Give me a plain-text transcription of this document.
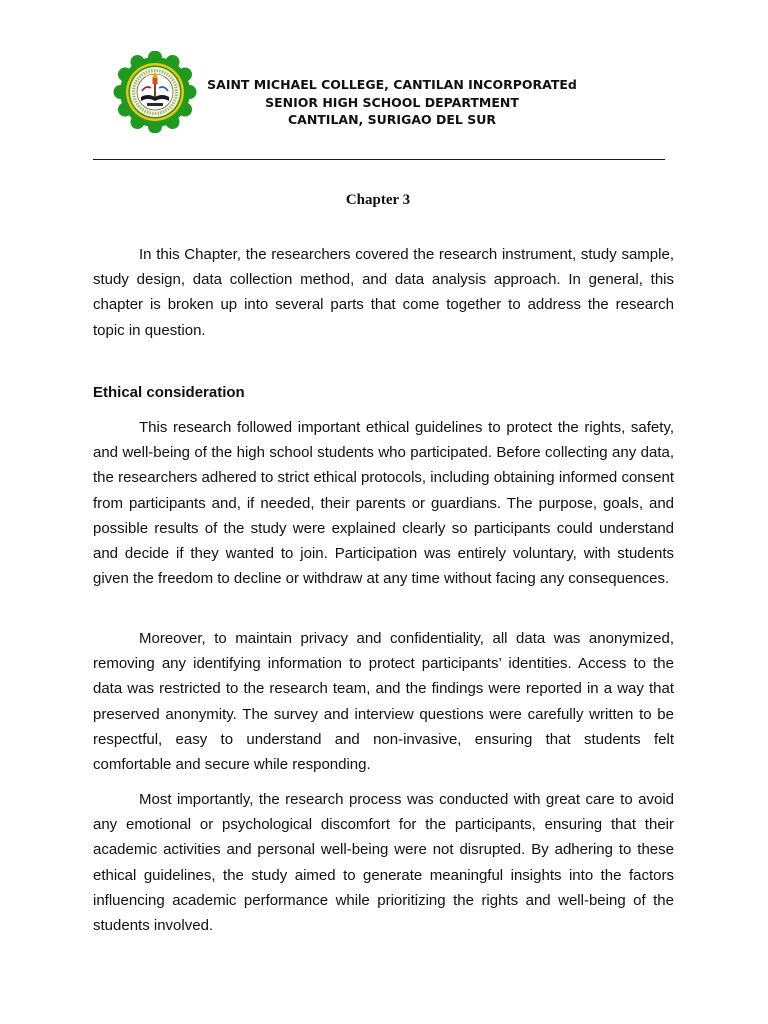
SAINT MICHAEL COLLEGE, CANTILAN INCORPORATEd
SENIOR HIGH SCHOOL DEPARTMENT
CANTILAN, SURIGAO DEL SUR
Chapter 3

In this Chapter, the researchers covered the research instrument, study sample, study design, data collection method, and data analysis approach. In general, this chapter is broken up into several parts that come together to address the research topic in question.

Ethical consideration

This research followed important ethical guidelines to protect the rights, safety, and well-being of the high school students who participated. Before collecting any data, the researchers adhered to strict ethical protocols, including obtaining informed consent from participants and, if needed, their parents or guardians. The purpose, goals, and possible results of the study were explained clearly so participants could understand and decide if they wanted to join. Participation was entirely voluntary, with students given the freedom to decline or withdraw at any time without facing any consequences.

Moreover, to maintain privacy and confidentiality, all data was anonymized, removing any identifying information to protect participants’ identities. Access to the data was restricted to the research team, and the findings were reported in a way that preserved anonymity. The survey and interview questions were carefully written to be respectful, easy to understand and non-invasive, ensuring that students felt comfortable and secure while responding.

Most importantly, the research process was conducted with great care to avoid any emotional or psychological discomfort for the participants, ensuring that their academic activities and personal well-being were not disrupted. By adhering to these ethical guidelines, the study aimed to generate meaningful insights into the factors influencing academic performance while prioritizing the rights and well-being of the students involved.
